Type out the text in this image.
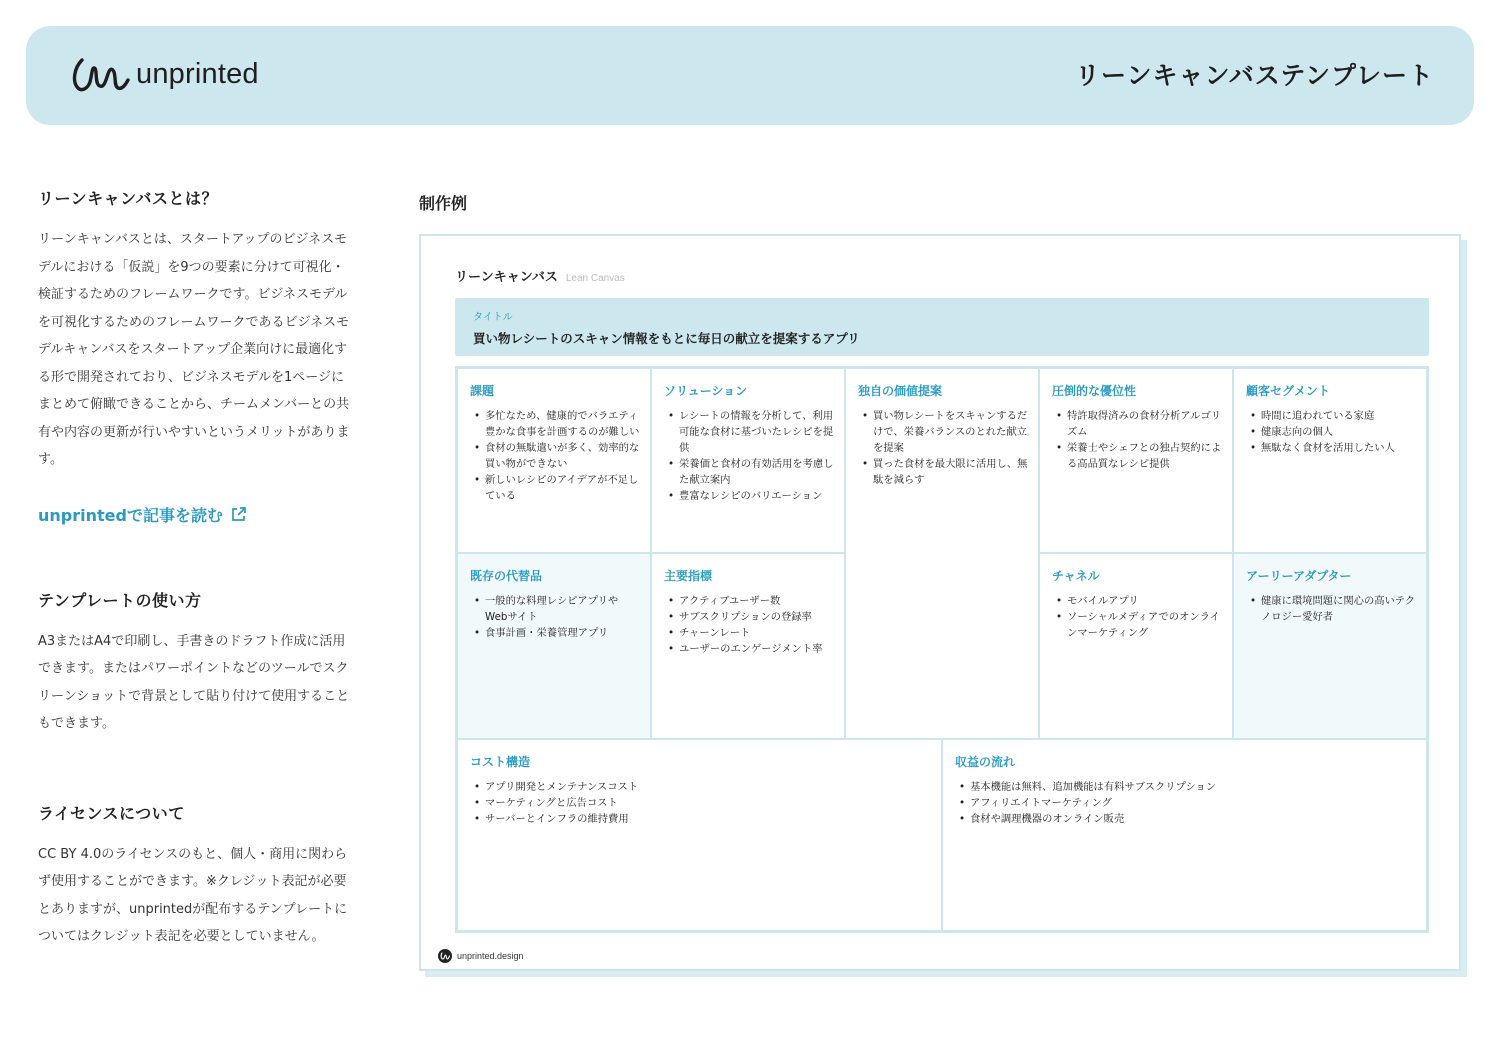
unprinted	リーンキャンバステンプレート
リーンキャンバスとは？
リーンキャンバスとは、スタートアップのビジネスモ
デルにおける「仮説」を9つの要素に分けて可視化・
検証するためのフレームワークです。ビジネスモデル
を可視化するためのフレームワークであるビジネスモ
デルキャンバスをスタートアップ企業向けに最適化す
る形で開発されており、ビジネスモデルを1ページに
まとめて俯瞰できることから、チームメンバーとの共
有や内容の更新が行いやすいというメリットがありま
す。
unprintedで記事を読む
テンプレートの使い方
A3またはA4で印刷し、手書きのドラフト作成に活用
できます。またはパワーポイントなどのツールでスク
リーンショットで背景として貼り付けて使用すること
もできます。
ライセンスについて
CC BY 4.0のライセンスのもと、個人・商用に関わら
ず使用することができます。※クレジット表記が必要
とありますが、unprintedが配布するテンプレートに
ついてはクレジット表記を必要としていません。
制作例
リーンキャンバス Lean Canvas
タイトル
買い物レシートのスキャン情報をもとに毎日の献立を提案するアプリ
課題
• 多忙なため、健康的でバラエティ豊かな食事を計画するのが難しい
• 食材の無駄遣いが多く、効率的な買い物ができない
• 新しいレシピのアイデアが不足している
ソリューション
• レシートの情報を分析して、利用可能な食材に基づいたレシピを提供
• 栄養価と食材の有効活用を考慮した献立案内
• 豊富なレシピのバリエーション
独自の価値提案
• 買い物レシートをスキャンするだけで、栄養バランスのとれた献立を提案
• 買った食材を最大限に活用し、無駄を減らす
圧倒的な優位性
• 特許取得済みの食材分析アルゴリズム
• 栄養士やシェフとの独占契約による高品質なレシピ提供
顧客セグメント
• 時間に追われている家庭
• 健康志向の個人
• 無駄なく食材を活用したい人
既存の代替品
• 一般的な料理レシピアプリやWebサイト
• 食事計画・栄養管理アプリ
主要指標
• アクティブユーザー数
• サブスクリプションの登録率
• チャーンレート
• ユーザーのエンゲージメント率
チャネル
• モバイルアプリ
• ソーシャルメディアでのオンラインマーケティング
アーリーアダプター
• 健康に環境問題に関心の高いテクノロジー愛好者
コスト構造
• アプリ開発とメンテナンスコスト
• マーケティングと広告コスト
• サーバーとインフラの維持費用
収益の流れ
• 基本機能は無料、追加機能は有料サブスクリプション
• アフィリエイトマーケティング
• 食材や調理機器のオンライン販売
unprinted.design
